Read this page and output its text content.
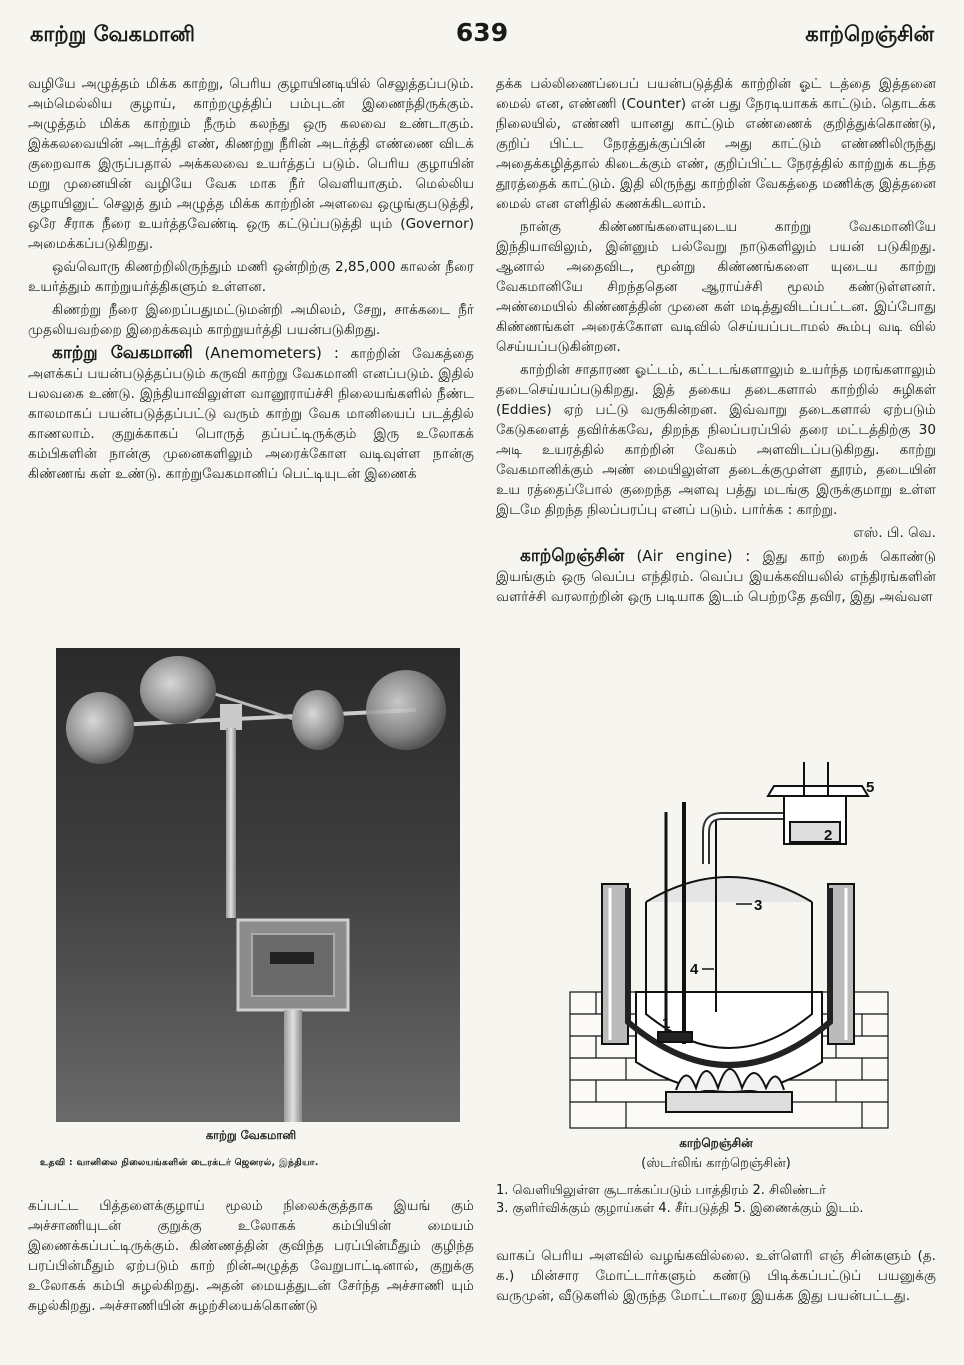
காற்று வேகமானி	639	காற்றெஞ்சின்

வழியே அழுத்தம் மிக்க காற்று, பெரிய குழாயினடியில் செலுத்தப்படும். அம்மெல்லிய குழாய், காற்றழுத்திப் பம்புடன் இணைந்திருக்கும். அழுத்தம் மிக்க காற்றும் நீரும் கலந்து ஒரு கலவை உண்டாகும். இக்கலவையின் அடர்த்தி எண், கிணற்று நீரின் அடர்த்தி எண்ணை விடக் குறைவாக இருப்பதால் அக்கலவை உயர்த்தப் படும். பெரிய குழாயின் மறு முனையின் வழியே வேக மாக நீர் வெளியாகும். மெல்லிய குழாயினுட் செலுத் தும் அழுத்த மிக்க காற்றின் அளவை ஒழுங்குபடுத்தி, ஒரே சீராக நீரை உயர்த்தவேண்டி ஒரு கட்டுப்படுத்தி யும் (Governor) அமைக்கப்படுகிறது.

ஒவ்வொரு கிணற்றிலிருந்தும் மணி ஒன்றிற்கு 2,85,000 காலன் நீரை உயர்த்தும் காற்றுயர்த்திகளும் உள்ளன.

கிணற்று நீரை இறைப்பதுமட்டுமன்றி அமிலம், சேறு, சாக்கடை நீர் முதலியவற்றை இறைக்கவும் காற்றுயர்த்தி பயன்படுகிறது.

காற்று வேகமானி (Anemometers) : காற்றின் வேகத்தை அளக்கப் பயன்படுத்தப்படும் கருவி காற்று வேகமானி எனப்படும். இதில் பலவகை உண்டு. இந்தியாவிலுள்ள வானூராய்ச்சி நிலையங்களில் நீண்ட காலமாகப் பயன்படுத்தப்பட்டு வரும் காற்று வேக மானியைப் படத்தில் காணலாம். குறுக்காகப் பொருத் தப்பட்டிருக்கும் இரு உலோகக் கம்பிகளின் நான்கு முனைகளிலும் அரைக்கோள வடிவுள்ள நான்கு கிண்ணங் கள் உண்டு. காற்றுவேகமானிப் பெட்டியுடன் இணைக்

காற்று வேகமானி
உதவி : வானிலை நிலையங்களின் டைரக்டர் ஜெனரல், இந்தியா.

கப்பட்ட பித்தளைக்குழாய் மூலம் நிலைக்குத்தாக இயங் கும் அச்சாணியுடன் குறுக்கு உலோகக் கம்பியின் மையம் இணைக்கப்பட்டிருக்கும். கிண்ணத்தின் குவிந்த பரப்பின்மீதும் குழிந்த பரப்பின்மீதும் ஏற்படும் காற் றின்அழுத்த வேறுபாட்டினால், குறுக்கு உலோகக் கம்பி சுழல்கிறது. அதன் மையத்துடன் சேர்ந்த அச்சாணி யும் சுழல்கிறது. அச்சாணியின் சுழற்சியைக்கொண்டு

தக்க பல்லிணைப்பைப் பயன்படுத்திக் காற்றின் ஓட் டத்தை இத்தனை மைல் என, எண்ணி (Counter) என் பது நேரடியாகக் காட்டும். தொடக்க நிலையில், எண்ணி யானது காட்டும் எண்ணைக் குறித்துக்கொண்டு, குறிப் பிட்ட நேரத்துக்குப்பின் அது காட்டும் எண்ணிலிருந்து அதைக்கழித்தால் கிடைக்கும் எண், குறிப்பிட்ட நேரத்தில் காற்றுக் கடந்த தூரத்தைக் காட்டும். இதி லிருந்து காற்றின் வேகத்தை மணிக்கு இத்தனை மைல் என எளிதில் கணக்கிடலாம்.

நான்கு கிண்ணங்களையுடைய காற்று வேகமானியே இந்தியாவிலும், இன்னும் பல்வேறு நாடுகளிலும் பயன் படுகிறது. ஆனால் அதைவிட, மூன்று கிண்ணங்களை யுடைய காற்று வேகமானியே சிறந்ததென ஆராய்ச்சி மூலம் கண்டுள்ளனர். அண்மையில் கிண்ணத்தின் முனை கள் மடித்துவிடப்பட்டன. இப்போது கிண்ணங்கள் அரைக்கோள வடிவில் செய்யப்படாமல் கூம்பு வடி வில் செய்யப்படுகின்றன.

காற்றின் சாதாரண ஓட்டம், கட்டடங்களாலும் உயர்ந்த மரங்களாலும் தடைசெய்யப்படுகிறது. இத் தகைய தடைகளால் காற்றில் சுழிகள் (Eddies) ஏற் பட்டு வருகின்றன. இவ்வாறு தடைகளால் ஏற்படும் கேடுகளைத் தவிர்க்கவே, திறந்த நிலப்பரப்பில் தரை மட்டத்திற்கு 30 அடி உயரத்தில் காற்றின் வேகம் அளவிடப்படுகிறது. காற்று வேகமானிக்கும் அண் மையிலுள்ள தடைக்குமுள்ள தூரம், தடையின் உய ரத்தைப்போல் குறைந்த அளவு பத்து மடங்கு இருக்குமாறு உள்ள இடமே திறந்த நிலப்பரப்பு எனப் படும். பார்க்க : காற்று.

எஸ். பி. வெ.

காற்றெஞ்சின் (Air engine) : இது காற் றைக் கொண்டு இயங்கும் ஒரு வெப்ப எந்திரம். வெப்ப இயக்கவியலில் எந்திரங்களின் வளர்ச்சி வரலாற்றின் ஒரு படியாக இடம் பெற்றதே தவிர, இது அவ்வள

5
2
3
4
1
காற்றெஞ்சின்
(ஸ்டர்லிங் காற்றெஞ்சின்)
1. வெளியிலுள்ள சூடாக்கப்படும் பாத்திரம் 2. சிலிண்டர்
3. குளிர்விக்கும் குழாய்கள் 4. சீர்படுத்தி 5. இணைக்கும் இடம்.

வாகப் பெரிய அளவில் வழங்கவில்லை. உள்ளெரி எஞ் சின்களும் (த. க.) மின்சார மோட்டார்களும் கண்டு பிடிக்கப்பட்டுப் பயனுக்கு வருமுன், வீடுகளில் இருந்த மோட்டாரை இயக்க இது பயன்பட்டது.
